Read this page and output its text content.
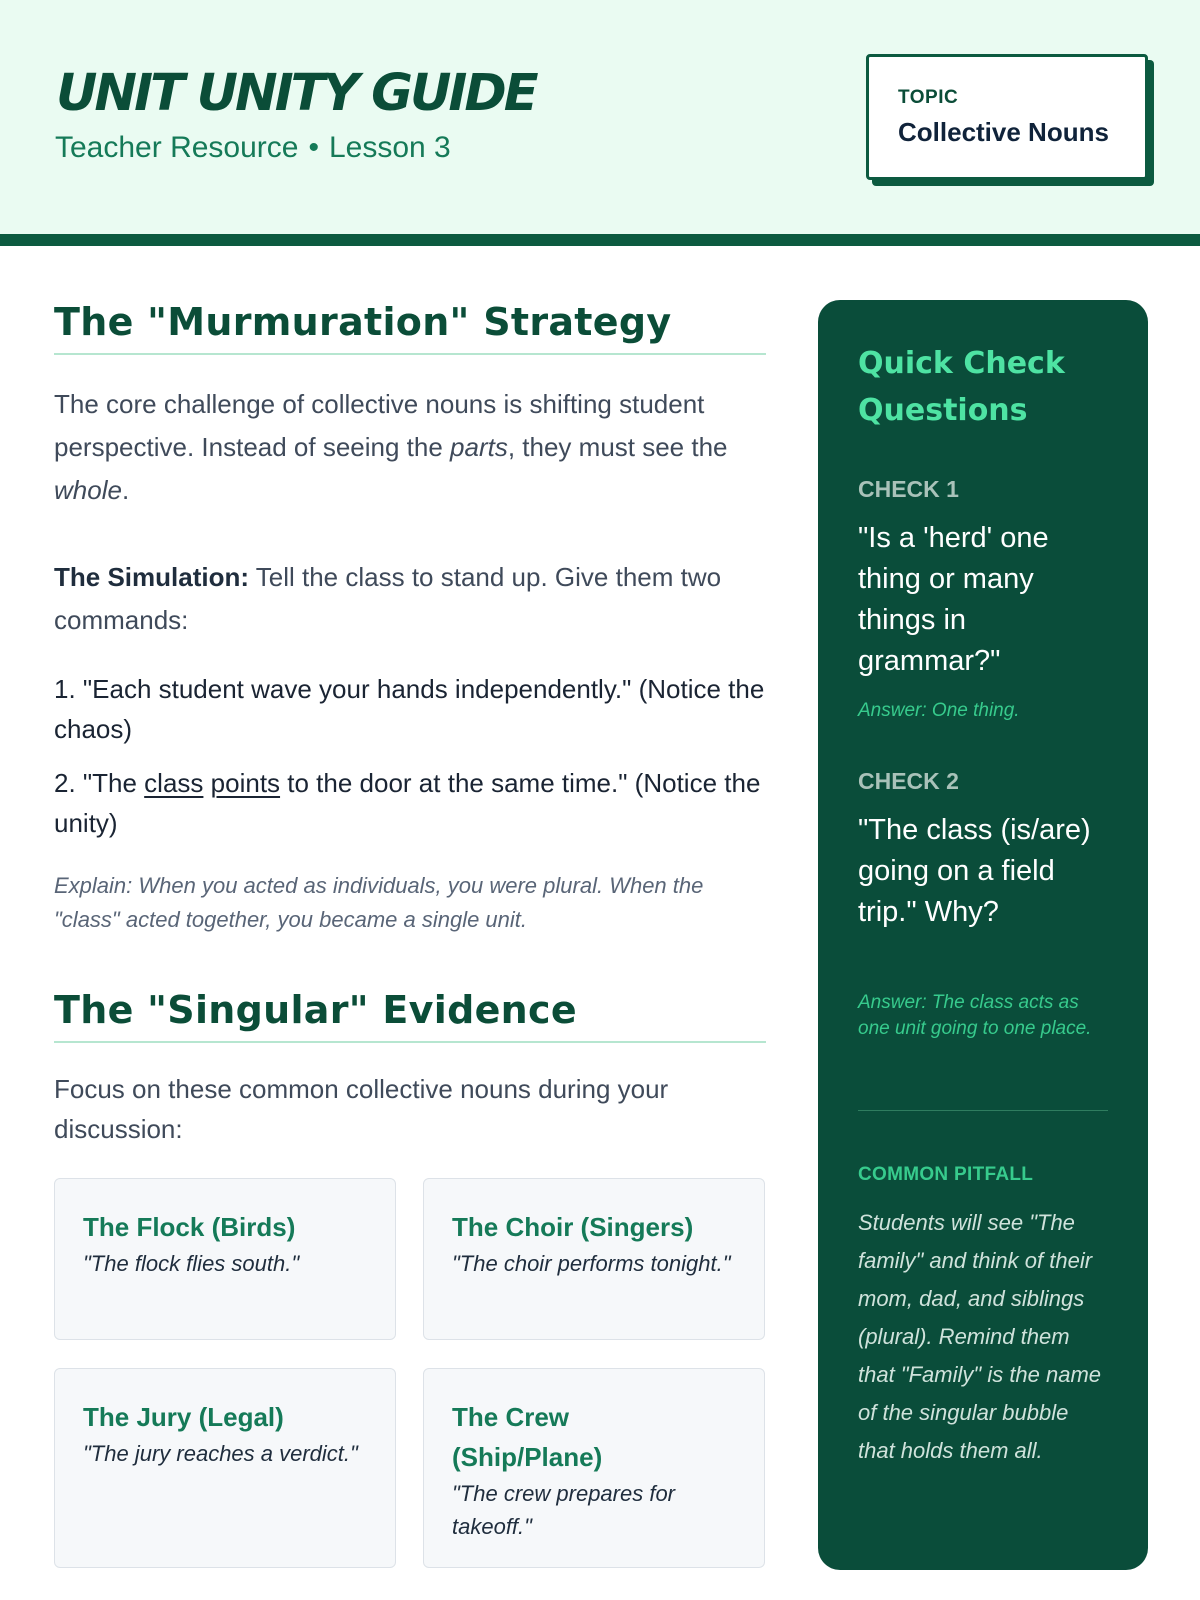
UNIT UNITY GUIDE
Teacher Resource • Lesson 3
TOPIC
Collective Nouns
The "Murmuration" Strategy
The core challenge of collective nouns is shifting student perspective. Instead of seeing the parts, they must see the whole.
The Simulation: Tell the class to stand up. Give them two commands:
1. "Each student wave your hands independently." (Notice the chaos)
2. "The class points to the door at the same time." (Notice the unity)
Explain: When you acted as individuals, you were plural. When the "class" acted together, you became a single unit.
The "Singular" Evidence
Focus on these common collective nouns during your discussion:
The Flock (Birds)
"The flock flies south."
The Choir (Singers)
"The choir performs tonight."
The Jury (Legal)
"The jury reaches a verdict."
The Crew (Ship/Plane)
"The crew prepares for takeoff."
Quick Check Questions
CHECK 1
"Is a 'herd' one thing or many things in grammar?"
Answer: One thing.
CHECK 2
"The class (is/are) going on a field trip." Why?
Answer: The class acts as one unit going to one place.
COMMON PITFALL
Students will see "The family" and think of their mom, dad, and siblings (plural). Remind them that "Family" is the name of the singular bubble that holds them all.
